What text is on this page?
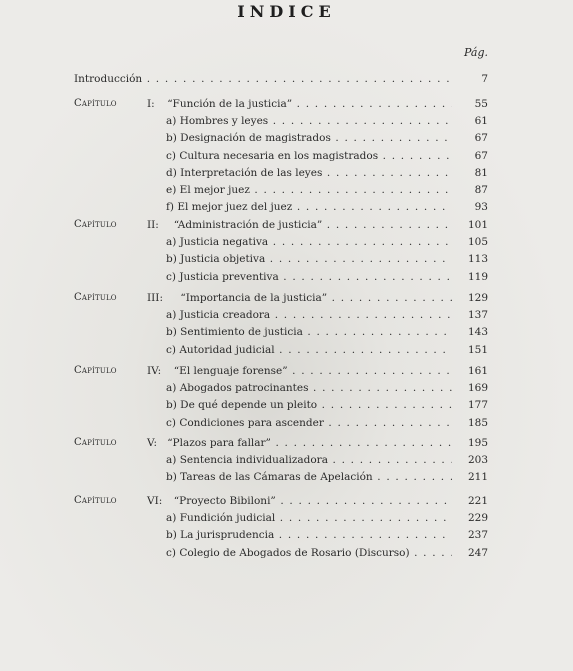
INDICE
Pág.
Introducción . . .	7
Capítulo	I: “Función de la justicia” . . .	55
a) Hombres y leyes . . .	61
b) Designación de magistrados . . .	67
c) Cultura necesaria en los magistrados . . .	67
d) Interpretación de las leyes . . .	81
e) El mejor juez . . .	87
f) El mejor juez del juez . . .	93
Capítulo	II: “Administración de justicia” . . .	101
a) Justicia negativa . . .	105
b) Justicia objetiva . . .	113
c) Justicia preventiva . . .	119
Capítulo	III: “Importancia de la justicia” . . .	129
a) Justicia creadora . . .	137
b) Sentimiento de justicia . . .	143
c) Autoridad judicial . . .	151
Capítulo	IV: “El lenguaje forense” . . .	161
a) Abogados patrocinantes . . .	169
b) De qué depende un pleito . . .	177
c) Condiciones para ascender . . .	185
Capítulo	V: “Plazos para fallar” . . .	195
a) Sentencia individualizadora . . .	203
b) Tareas de las Cámaras de Apelación . . .	211
Capítulo	VI: “Proyecto Bibiloni” . . .	221
a) Fundición judicial . . .	229
b) La jurisprudencia . . .	237
c) Colegio de Abogados de Rosario (Discurso) . . .	247
